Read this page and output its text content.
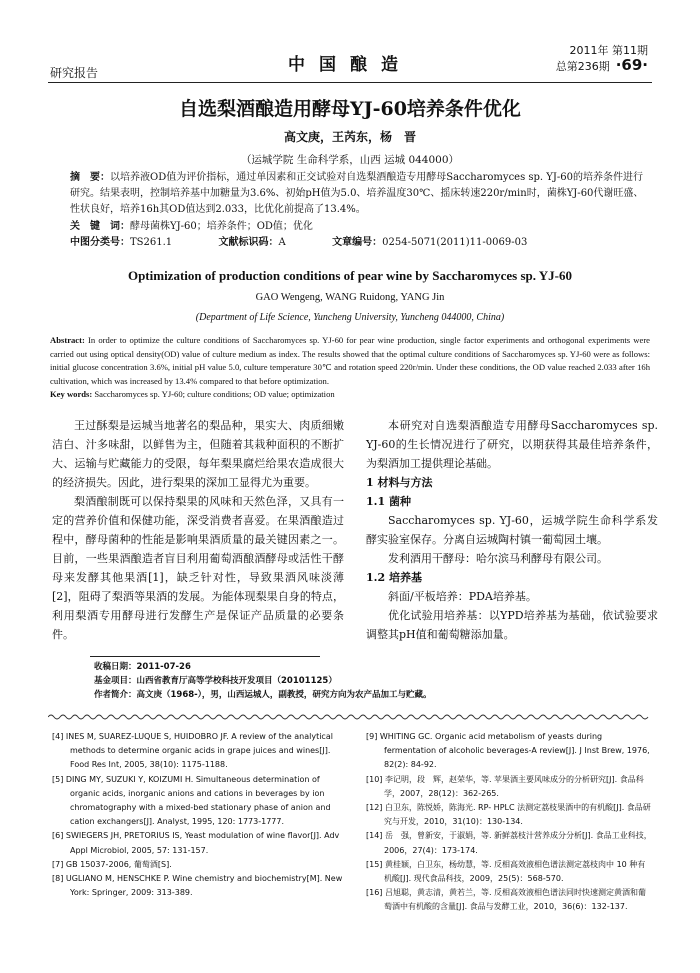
研究报告	中国酿造
2011年 第11期
总第236期 ·69·
自选梨酒酿造用酵母YJ-60培养条件优化
高文庚，王芮东，杨　晋
（运城学院 生命科学系，山西 运城 044000）
摘　要：以培养液OD值为评价指标，通过单因素和正交试验对自选梨酒酿造专用酵母Saccharomyces sp. YJ-60的培养条件进行研究。结果表明，控制培养基中加糖量为3.6%、初始pH值为5.0、培养温度30℃、摇床转速220r/min时，菌株YJ-60代谢旺盛、性状良好，培养16h其OD值达到2.033，比优化前提高了13.4%。
关　键　词：酵母菌株YJ-60；培养条件；OD值；优化
中图分类号：TS261.1	文献标识码：A	文章编号：0254-5071(2011)11-0069-03
Optimization of production conditions of pear wine by Saccharomyces sp. YJ-60
GAO Wengeng, WANG Ruidong, YANG Jin
(Department of Life Science, Yuncheng University, Yuncheng 044000, China)
Abstract: In order to optimize the culture conditions of Saccharomyces sp. YJ-60 for pear wine production, single factor experiments and orthogonal experiments were carried out using optical density(OD) value of culture medium as index. The results showed that the optimal culture conditions of Saccharomyces sp. YJ-60 were as follows: initial glucose concentration 3.6%, initial pH value 5.0, culture temperature 30℃ and rotation speed 220r/min. Under these conditions, the OD value reached 2.033 after 16h cultivation, which was increased by 13.4% compared to that before optimization.
Key words: Saccharomyces sp. YJ-60; culture conditions; OD value; optimization

王过酥梨是运城当地著名的梨品种，果实大、肉质细嫩洁白、汁多味甜，以鲜售为主，但随着其栽种面积的不断扩大、运输与贮藏能力的受限，每年梨果腐烂给果农造成很大的经济损失。因此，进行梨果的深加工显得尤为重要。

梨酒酿制既可以保持梨果的风味和天然色泽，又具有一定的营养价值和保健功能，深受消费者喜爱。在果酒酿造过程中，酵母菌种的性能是影响果酒质量的最关键因素之一。目前，一些果酒酿造者盲目利用葡萄酒酿酒酵母或活性干酵母来发酵其他果酒[1]，缺乏针对性，导致果酒风味淡薄[2]，阻碍了梨酒等果酒的发展。为能体现梨果自身的特点，利用梨酒专用酵母进行发酵生产是保证产品质量的必要条件。

本研究对自选梨酒酿造专用酵母Saccharomyces sp. YJ-60的生长情况进行了研究，以期获得其最佳培养条件，为梨酒加工提供理论基础。

1 材料与方法

1.1 菌种

Saccharomyces sp. YJ-60，运城学院生命科学系发酵实验室保存。分离自运城陶村镇一葡萄园土壤。

发利酒用干酵母：哈尔滨马利酵母有限公司。

1.2 培养基

斜面/平板培养：PDA培养基。

优化试验用培养基：以YPD培养基为基础，依试验要求调整其pH值和葡萄糖添加量。

收稿日期：2011-07-26
基金项目：山西省教育厅高等学校科技开发项目（20101125）
作者简介：高文庚（1968-），男，山西运城人，副教授，研究方向为农产品加工与贮藏。
[4] INES M, SUAREZ-LUQUE S, HUIDOBRO JF. A review of the analytical methods to determine organic acids in grape juices and wines[J]. Food Res Int, 2005, 38(10): 1175-1188.
[5] DING MY, SUZUKI Y, KOIZUMI H. Simultaneous determination of organic acids, inorganic anions and cations in beverages by ion chromatography with a mixed-bed stationary phase of anion and cation exchangers[J]. Analyst, 1995, 120: 1773-1777.
[6] SWIEGERS JH, PRETORIUS IS, Yeast modulation of wine flavor[J]. Adv Appl Microbiol, 2005, 57: 131-157.
[7] GB 15037-2006, 葡萄酒[S].
[8] UGLIANO M, HENSCHKE P. Wine chemistry and biochemistry[M]. New York: Springer, 2009: 313-389.
[9] WHITING GC. Organic acid metabolism of yeasts during fermentation of alcoholic beverages-A review[J]. J Inst Brew, 1976, 82(2): 84-92.
[10] 李记明，段　辉，赵荣华，等. 苹果酒主要风味成分的分析研究[J]. 食品科学，2007，28(12)：362-265.
[12] 白卫东，陈悦娇，陈海光. RP- HPLC 法测定荔枝果酒中的有机酸[J]. 食品研究与开发，2010，31(10)：130-134.
[14] 岳　强，曾新安，于淑娟，等. 新鲜荔枝汁营养成分分析[J]. 食品工业科技，2006，27(4)：173-174.
[15] 黄桂颖，白卫东，杨幼慧，等. 反相高效液相色谱法测定荔枝肉中 10 种有机酸[J]. 现代食品科技，2009，25(5)：568-570.
[16] 吕旭聪，黄志清，黄若兰，等. 反相高效液相色谱法同时快速测定黄酒和葡萄酒中有机酸的含量[J]. 食品与发酵工业，2010，36(6)：132-137.
